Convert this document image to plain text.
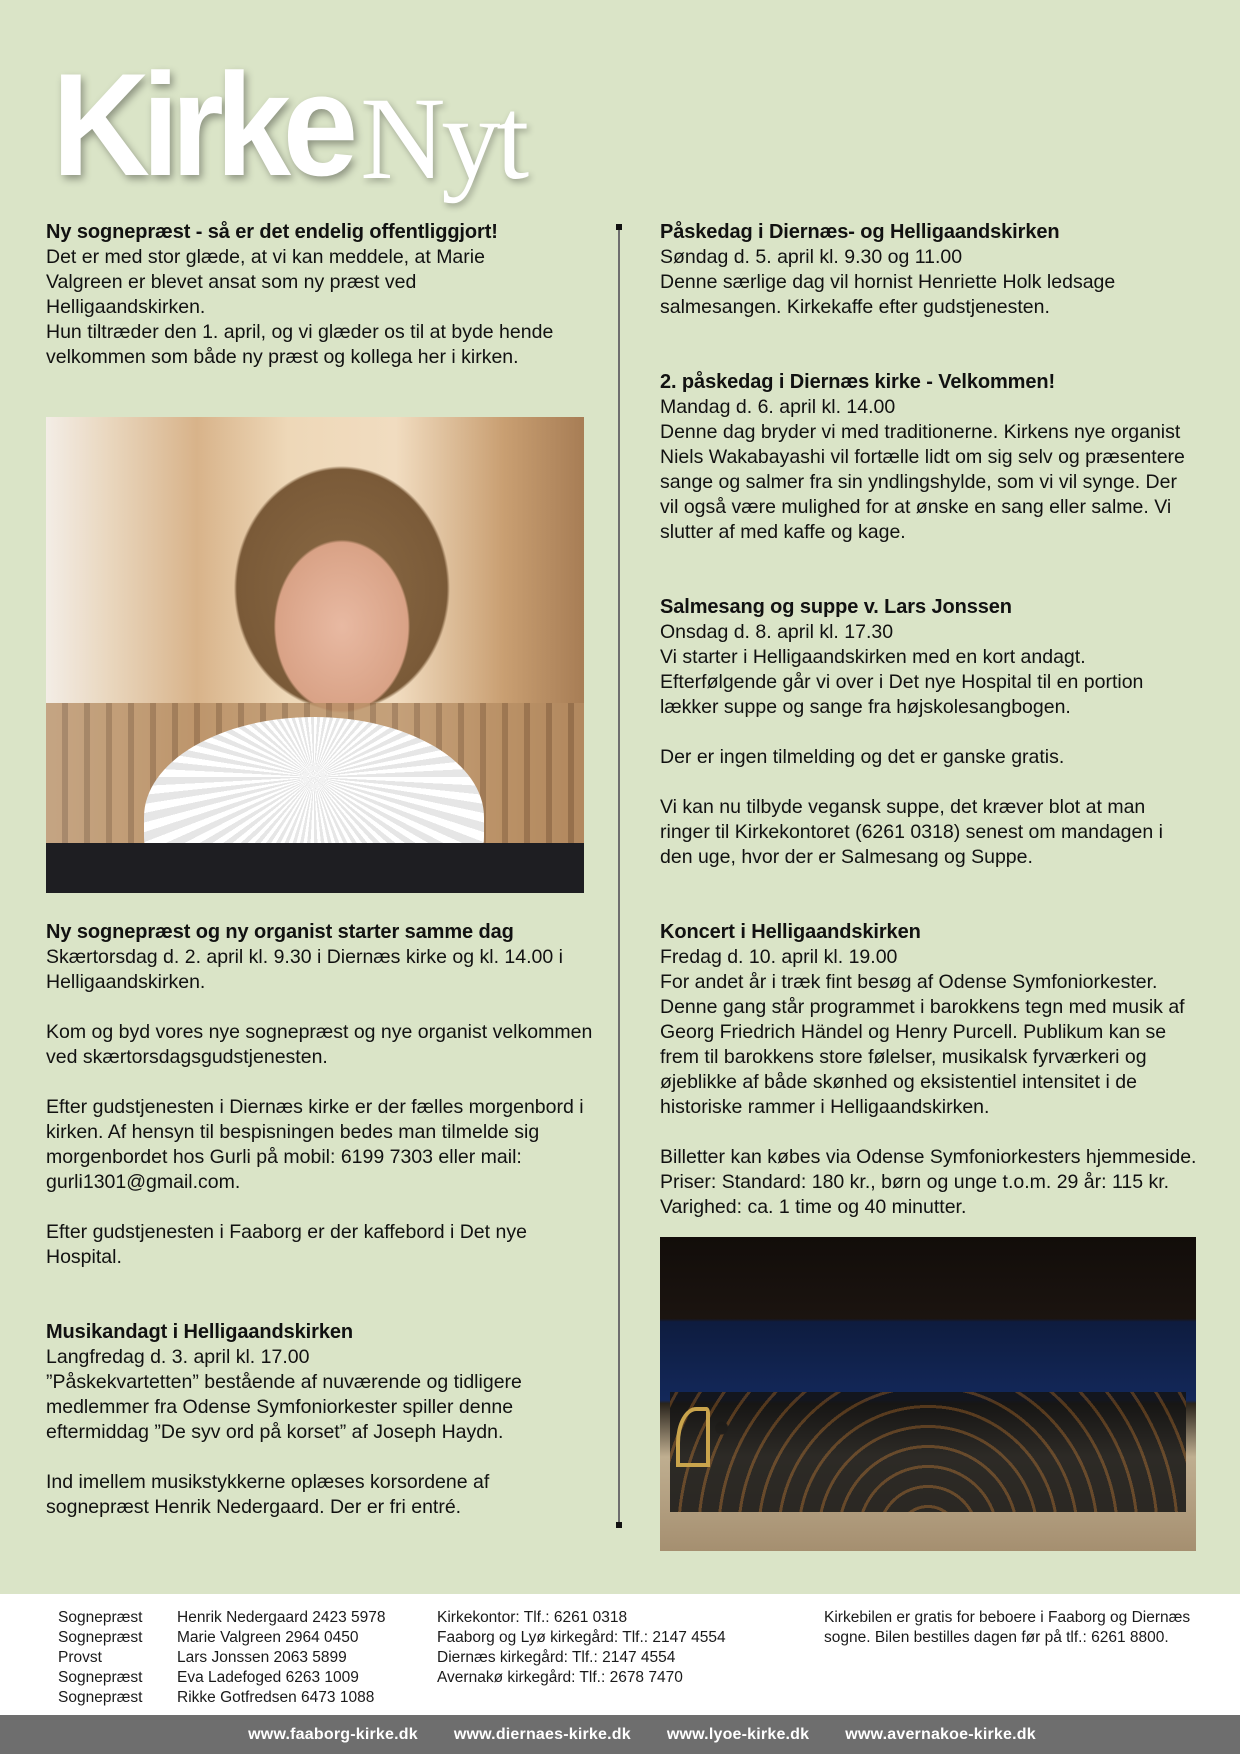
Kirke Nyt
Ny sognepræst - så er det endelig offentliggjort!

Det er med stor glæde, at vi kan meddele, at Marie Valgreen er blevet ansat som ny præst ved Helligaandskirken.

Hun tiltræder den 1. april, og vi glæder os til at byde hende velkommen som både ny præst og kollega her i kirken.

Ny sognepræst og ny organist starter samme dag

Skærtorsdag d. 2. april kl. 9.30 i Diernæs kirke og kl. 14.00 i Helligaandskirken.

Kom og byd vores nye sognepræst og nye organist velkommen ved skærtorsdagsgudstjenesten.

Efter gudstjenesten i Diernæs kirke er der fælles morgenbord i kirken. Af hensyn til bespisningen bedes man tilmelde sig morgenbordet hos Gurli på mobil: 6199 7303 eller mail: gurli1301@gmail.com.

Efter gudstjenesten i Faaborg er der kaffebord i Det nye Hospital.

Musikandagt i Helligaandskirken

Langfredag d. 3. april kl. 17.00

”Påskekvartetten” bestående af nuværende og tidligere medlemmer fra Odense Symfoniorkester spiller denne eftermiddag ”De syv ord på korset” af Joseph Haydn.

Ind imellem musikstykkerne oplæses korsordene af sognepræst Henrik Nedergaard. Der er fri entré.

Påskedag i Diernæs- og Helligaandskirken

Søndag d. 5. april kl. 9.30 og 11.00

Denne særlige dag vil hornist Henriette Holk ledsage salmesangen. Kirkekaffe efter gudstjenesten.

2. påskedag i Diernæs kirke - Velkommen!

Mandag d. 6. april kl. 14.00

Denne dag bryder vi med traditionerne. Kirkens nye organist Niels Wakabayashi vil fortælle lidt om sig selv og præsentere sange og salmer fra sin yndlingshylde, som vi vil synge. Der vil også være mulighed for at ønske en sang eller salme. Vi slutter af med kaffe og kage.

Salmesang og suppe v. Lars Jonssen

Onsdag d. 8. april kl. 17.30

Vi starter i Helligaandskirken med en kort andagt. Efterfølgende går vi over i Det nye Hospital til en portion lækker suppe og sange fra højskolesangbogen.

Der er ingen tilmelding og det er ganske gratis.

Vi kan nu tilbyde vegansk suppe, det kræver blot at man ringer til Kirkekontoret (6261 0318) senest om mandagen i den uge, hvor der er Salmesang og Suppe.

Koncert i Helligaandskirken

Fredag d. 10. april kl. 19.00

For andet år i træk fint besøg af Odense Symfoniorkester. Denne gang står programmet i barokkens tegn med musik af Georg Friedrich Händel og Henry Purcell. Publikum kan se frem til barokkens store følelser, musikalsk fyrværkeri og øjeblikke af både skønhed og eksistentiel intensitet i de historiske rammer i Helligaandskirken.

Billetter kan købes via Odense Symfoniorkesters hjemmeside. Priser: Standard: 180 kr., børn og unge t.o.m. 29 år: 115 kr. Varighed: ca. 1 time og 40 minutter.

Sognepræst	Henrik Nedergaard 2423 5978
Sognepræst	Marie Valgreen 2964 0450
Provst	Lars Jonssen 2063 5899
Sognepræst	Eva Ladefoged 6263 1009
Sognepræst	Rikke Gotfredsen 6473 1088
Kirkekontor: Tlf.: 6261 0318
Faaborg og Lyø kirkegård: Tlf.: 2147 4554
Diernæs kirkegård: Tlf.: 2147 4554
Avernakø kirkegård: Tlf.: 2678 7470
Kirkebilen er gratis for beboere i Faaborg og Diernæs sogne. Bilen bestilles dagen før på tlf.: 6261 8800.
www.faaborg-kirke.dk www.diernaes-kirke.dk www.lyoe-kirke.dk www.avernakoe-kirke.dk
